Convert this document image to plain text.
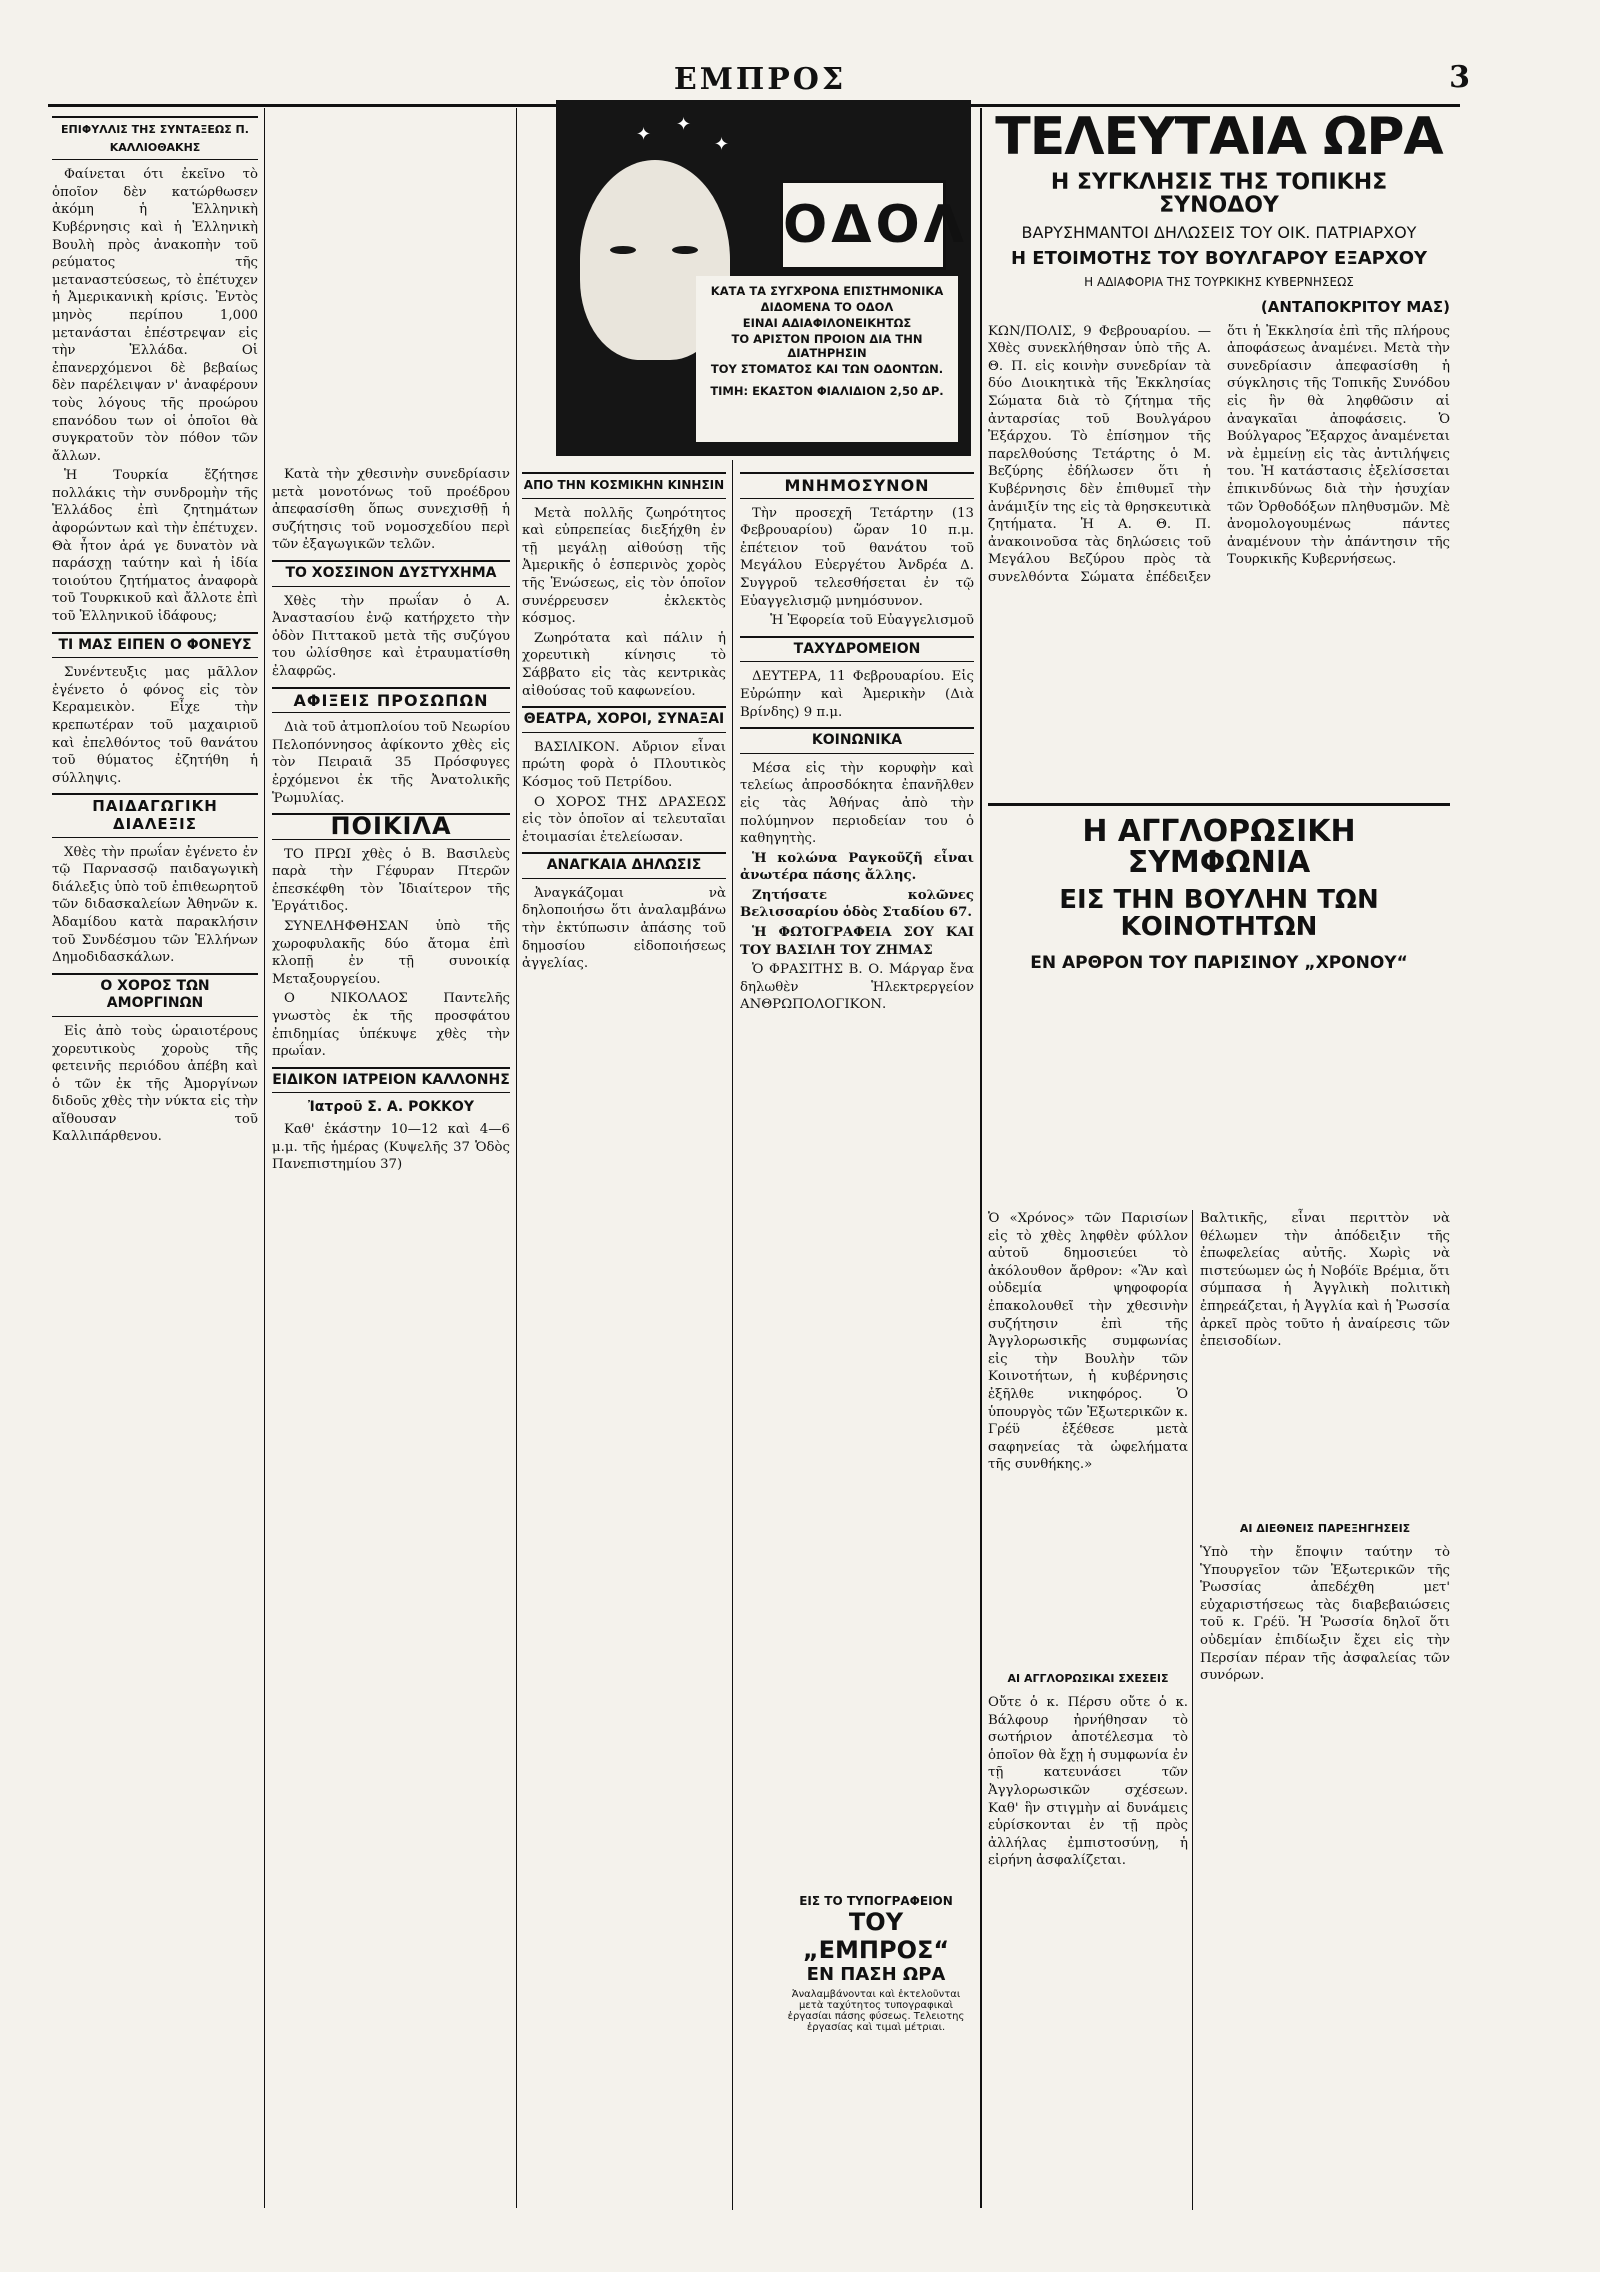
ΕΜΠΡΟΣ	3
ΕΠΙΦΥΛΛΙΣ ΤΗΣ ΣΥΝΤΑΞΕΩΣ Π. ΚΑΛΛΙΟΘΑΚΗΣ

Φαίνεται ότι ἐκεῖνο τὸ ὁποῖον δὲν κατώρθωσεν ἀκόμη ἡ Ἑλληνικὴ Κυβέρνησις καὶ ἡ Ἑλληνικὴ Βουλὴ πρὸς ἀνακοπὴν τοῦ ρεύματος τῆς μεταναστεύσεως, τὸ ἐπέτυχεν ἡ Ἀμερικανικὴ κρίσις. Ἐντὸς μηνὸς περίπου 1,000 μετανάσται ἐπέστρεψαν εἰς τὴν Ἑλλάδα. Οἱ ἐπανερχόμενοι δὲ βεβαίως δὲν παρέλειψαν ν' ἀναφέρουν τοὺς λόγους τῆς προώρου επανόδου των οἱ ὁποῖοι θὰ συγκρατοῦν τὸν πόθον τῶν ἄλλων.

Ἡ Τουρκία ἔζήτησε πολλάκις τὴν συνδρομὴν τῆς Ἑλλάδος ἐπὶ ζητημάτων ἀφορώντων καὶ τὴν ἐπέτυχεν. Θὰ ἦτον ἀρά γε δυνατὸν νὰ παράσχῃ ταύτην καὶ ἡ ἰδία τοιούτου ζητήματος ἀναφορὰ τοῦ Τουρκικοῦ καὶ ἄλλοτε ἐπὶ τοῦ Ἑλληνικοῦ ἰδάφους;

ΤΙ ΜΑΣ ΕΙΠΕΝ Ο ΦΟΝΕΥΣ

Συνέντευξις μας μᾶλλον ἐγένετο ὁ φόνος εἰς τὸν Κεραμεικὸν. Εἶχε τὴν κρεπωτέραν τοῦ μαχαιριοῦ καὶ ἐπελθόντος τοῦ θανάτου τοῦ θύματος ἐζητήθη ἡ σύλληψις.

ΠΑΙΔΑΓΩΓΙΚΗ ΔΙΑΛΕΞΙΣ

Χθὲς τὴν πρωΐαν ἐγένετο ἐν τῷ Παρνασσῷ παιδαγωγικὴ διάλεξις ὑπὸ τοῦ ἐπιθεωρητοῦ τῶν διδασκαλείων Ἀθηνῶν κ. Ἀδαμίδου κατὰ παρακλήσιν τοῦ Συνδέσμου τῶν Ἑλλήνων Δημοδιδασκάλων.

Ο ΧΟΡΟΣ ΤΩΝ ΑΜΟΡΓΙΝΩΝ

Εἰς ἀπὸ τοὺς ὡραιοτέρους χορευτικοὺς χοροὺς τῆς φετεινῆς περιόδου ἀπέβη καὶ ὁ τῶν ἐκ τῆς Ἀμοργίνων διδοῦς χθὲς τὴν νύκτα εἰς τὴν αἴθουσαν τοῦ Καλλιπάρθενου.

✦ ✦
✦
ΟΔΟΛ
ΚΑΤΑ ΤΑ ΣΥΓΧΡΟΝΑ ΕΠΙΣΤΗΜΟΝΙΚΑ
ΔΙΔΟΜΕΝΑ ΤΟ ΟΔΟΛ
ΕΙΝΑΙ ΑΔΙΑΦΙΛΟΝΕΙΚΗΤΩΣ
ΤΟ ΑΡΙΣΤΟΝ ΠΡΟΙΟΝ ΔΙΑ ΤΗΝ ΔΙΑΤΗΡΗΣΙΝ
ΤΟΥ ΣΤΟΜΑΤΟΣ ΚΑΙ ΤΩΝ ΟΔΟΝΤΩΝ.
ΤΙΜΗ: ΕΚΑΣΤΟΝ ΦΙΑΛΙΔΙΟΝ 2,50 ΔΡ.

Κατὰ τὴν χθεσινὴν συνεδρίασιν μετὰ μονοτόνως τοῦ προέδρου ἀπεφασίσθη ὅπως συνεχισθῇ ἡ συζήτησις τοῦ νομοσχεδίου περὶ τῶν ἐξαγωγικῶν τελῶν.

ΤΟ ΧΟΣΣΙΝΟΝ ΔΥΣΤΥΧΗΜΑ

Χθὲς τὴν πρωΐαν ὁ Α. Ἀναστασίου ἐνῷ κατήρχετο τὴν ὁδὸν Πιττακοῦ μετὰ τῆς συζύγου του ὠλίσθησε καὶ ἐτραυματίσθη ἐλαφρῶς.

ΑΦΙΞΕΙΣ ΠΡΟΣΩΠΩΝ

Διὰ τοῦ ἀτμοπλοίου τοῦ Νεωρίου Πελοπόννησος ἀφίκοντο χθὲς εἰς τὸν Πειραιᾶ 35 Πρόσφυγες ἐρχόμενοι ἐκ τῆς Ἀνατολικῆς Ῥωμυλίας.

ΠΟΙΚΙΛΑ

ΤΟ ΠΡΩΙ χθὲς ὁ Β. Βασιλεὺς παρὰ τὴν Γέφυραν Πτερῶν ἐπεσκέφθη τὸν Ἰδιαίτερον τῆς Ἐργάτιδος.

ΣΥΝΕΛΗΦΘΗΣΑΝ ὑπὸ τῆς χωροφυλακῆς δύο ἄτομα ἐπὶ κλοπῇ ἐν τῇ συνοικίᾳ Μεταξουργείου.

Ο ΝΙΚΟΛΑΟΣ Παντελῆς γνωστὸς ἐκ τῆς προσφάτου ἐπιδημίας ὑπέκυψε χθὲς τὴν πρωΐαν.

ΕΙΔΙΚΟΝ ΙΑΤΡΕΙΟΝ ΚΑΛΛΟΝΗΣ
Ἰατροῦ Σ. Α. ΡΟΚΚΟΥ

Καθ' ἑκάστην 10—12 καὶ 4—6 μ.μ. τῆς ἡμέρας (Κυψελῆς 37 Ὁδὸς Πανεπιστημίου 37)

ΑΠΟ ΤΗΝ ΚΟΣΜΙΚΗΝ ΚΙΝΗΣΙΝ

Μετὰ πολλῆς ζωηρότητος καὶ εὐπρεπείας διεξήχθη ἐν τῇ μεγάλῃ αἰθούσῃ τῆς Ἀμερικῆς ὁ ἑσπερινὸς χορὸς τῆς Ἑνώσεως, εἰς τὸν ὁποῖον συνέρρευσεν ἐκλεκτὸς κόσμος.

Ζωηρότατα καὶ πάλιν ἡ χορευτικὴ κίνησις τὸ Σάββατο εἰς τὰς κεντρικὰς αἰθούσας τοῦ καφωνείου.

ΘΕΑΤΡΑ, ΧΟΡΟΙ, ΣΥΝΑΞΑΙ

ΒΑΣΙΛΙΚΟΝ. Αὔριον εἶναι πρώτη φορὰ ὁ Πλουτικὸς Κόσμος τοῦ Πετρίδου.

Ο ΧΟΡΟΣ ΤΗΣ ΔΡΑΣΕΩΣ εἰς τὸν ὁποῖον αἱ τελευταῖαι ἑτοιμασίαι ἐτελείωσαν.

ΑΝΑΓΚΑΙΑ ΔΗΛΩΣΙΣ

Ἀναγκάζομαι νὰ δηλοποιήσω ὅτι ἀναλαμβάνω τὴν ἐκτύπωσιν ἀπάσης τοῦ δημοσίου εἰδοποιήσεως ἀγγελίας.

ΜΝΗΜΟΣΥΝΟΝ

Τὴν προσεχῆ Τετάρτην (13 Φεβρουαρίου) ὥραν 10 π.μ. ἐπέτειον τοῦ θανάτου τοῦ Μεγάλου Εὐεργέτου Ἀνδρέα Δ. Συγγροῦ τελεσθήσεται ἐν τῷ Εὐαγγελισμῷ μνημόσυνον.

Ἡ Ἐφορεία τοῦ Εὐαγγελισμοῦ

ΤΑΧΥΔΡΟΜΕΙΟΝ

ΔΕΥΤΕΡΑ, 11 Φεβρουαρίου. Εἰς Εὐρώπην καὶ Ἀμερικὴν (Διὰ Βρίνδης) 9 π.μ.

ΚΟΙΝΩΝΙΚΑ

Μέσα εἰς τὴν κορυφὴν καὶ τελείως ἀπροσδόκητα ἐπανῆλθεν εἰς τὰς Ἀθήνας ἀπὸ τὴν πολύμηνον περιοδείαν του ὁ καθηγητὴς.

Ἡ κολώνα Ραγκοῦζῆ εἶναι ἀνωτέρα πάσης ἄλλης.

Ζητήσατε κολῶνες Βελισσαρίου ὁδὸς Σταδίου 67.

Ἡ ΦΩΤΟΓΡΑΦΕΙΑ ΣΟΥ ΚΑΙ ΤΟΥ ΒΑΣΙΛΗ ΤΟΥ ΖΗΜΑΣ

Ὁ ΦΡΑΣΙΤΗΣ Β. Ο. Μάργαρ ἔνα δηλωθὲν Ἡλεκτρεργείον ΑΝΘΡΩΠΟΛΟΓΙΚΟΝ.

ΕΙΣ ΤΟ ΤΥΠΟΓΡΑΦΕΙΟΝ
ΤΟΥ „ΕΜΠΡΟΣ“
ΕΝ ΠΑΣΗ ΩΡΑ
Ἀναλαμβάνονται καὶ ἐκτελοῦνται μετὰ ταχύτητος τυπογραφικαὶ ἐργασίαι πάσης φύσεως. Τελειοτης ἐργασίας καὶ τιμαὶ μέτριαι.
ΤΕΛΕΥΤΑΙΑ ΩΡΑ
Η ΣΥΓΚΛΗΣΙΣ ΤΗΣ ΤΟΠΙΚΗΣ ΣΥΝΟΔΟΥ
ΒΑΡΥΣΗΜΑΝΤΟΙ ΔΗΛΩΣΕΙΣ ΤΟΥ ΟΙΚ. ΠΑΤΡΙΑΡΧΟΥ
Η ΕΤΟΙΜΟΤΗΣ ΤΟΥ ΒΟΥΛΓΑΡΟΥ ΕΞΑΡΧΟΥ
Η ΑΔΙΑΦΟΡΙΑ ΤΗΣ ΤΟΥΡΚΙΚΗΣ ΚΥΒΕΡΝΗΣΕΩΣ
(ΑΝΤΑΠΟΚΡΙΤΟΥ ΜΑΣ)
ΚΩΝ/ΠΟΛΙΣ, 9 Φεβρουαρίου. — Χθὲς συνεκλήθησαν ὑπὸ τῆς Α. Θ. Π. εἰς κοινὴν συνεδρίαν τὰ δύο Διοικητικὰ τῆς Ἐκκλησίας Σώματα διὰ τὸ ζήτημα τῆς ἀνταρσίας τοῦ Βουλγάρου Ἐξάρχου. Τὸ ἐπίσημον τῆς παρελθούσης Τετάρτης ὁ Μ. Βεζύρης ἐδήλωσεν ὅτι ἡ Κυβέρνησις δὲν ἐπιθυμεῖ τὴν ἀνάμιξίν της εἰς τὰ θρησκευτικὰ ζητήματα. Ἡ Α. Θ. Π. ἀνακοινοῦσα τὰς δηλώσεις τοῦ Μεγάλου Βεζύρου πρὸς τὰ συνελθόντα Σώματα ἐπέδειξεν ὅτι ἡ Ἐκκλησία ἐπὶ τῆς πλήρους ἀποφάσεως ἀναμένει. Μετὰ τὴν συνεδρίασιν ἀπεφασίσθη ἡ σύγκλησις τῆς Τοπικῆς Συνόδου εἰς ἣν θὰ ληφθῶσιν αἱ ἀναγκαῖαι ἀποφάσεις. Ὁ Βούλγαρος Ἔξαρχος ἀναμένεται νὰ ἐμμείνῃ εἰς τὰς ἀντιλήψεις του. Ἡ κατάστασις ἐξελίσσεται ἐπικινδύνως διὰ τὴν ἡσυχίαν τῶν Ὀρθοδόξων πληθυσμῶν. Μὲ ἀνομολογουμένως πάντες ἀναμένουν τὴν ἀπάντησιν τῆς Τουρκικῆς Κυβερνήσεως.
Η ΑΓΓΛΟΡΩΣΙΚΗ ΣΥΜΦΩΝΙΑ
ΕΙΣ ΤΗΝ ΒΟΥΛΗΝ ΤΩΝ ΚΟΙΝΟΤΗΤΩΝ
ΕΝ ΑΡΘΡΟΝ ΤΟΥ ΠΑΡΙΣΙΝΟΥ „ΧΡΟΝΟΥ“
Ὁ «Χρόνος» τῶν Παρισίων εἰς τὸ χθὲς ληφθὲν φύλλον αὐτοῦ δημοσιεύει τὸ ἀκόλουθον ἄρθρον: «Ἂν καὶ οὐδεμία ψηφοφορία ἐπακολουθεῖ τὴν χθεσινὴν συζήτησιν ἐπὶ τῆς Ἀγγλορωσικῆς συμφωνίας εἰς τὴν Βουλὴν τῶν Κοινοτήτων, ἡ κυβέρνησις ἐξῆλθε νικηφόρος. Ὁ ὑπουργὸς τῶν Ἐξωτερικῶν κ. Γρέϋ ἐξέθεσε μετὰ σαφηνείας τὰ ὠφελήματα τῆς συνθήκης.»
ΑΙ ΑΓΓΛΟΡΩΣΙΚΑΙ ΣΧΕΣΕΙΣ
Οὔτε ὁ κ. Πέρσυ οὔτε ὁ κ. Βάλφουρ ἠρνήθησαν τὸ σωτήριον ἀποτέλεσμα τὸ ὁποῖον θὰ ἔχῃ ἡ συμφωνία ἐν τῇ κατευνάσει τῶν Ἀγγλορωσικῶν σχέσεων. Καθ' ἣν στιγμὴν αἱ δυνάμεις εὑρίσκονται ἐν τῇ πρὸς ἀλλήλας ἐμπιστοσύνῃ, ἡ εἰρήνη ἀσφαλίζεται.
Βαλτικῆς, εἶναι περιττὸν νὰ θέλωμεν τὴν ἀπόδειξιν τῆς ἐπωφελείας αὐτῆς. Χωρὶς νὰ πιστεύωμεν ὡς ἡ Νοβόϊε Βρέμια, ὅτι σύμπασα ἡ Ἀγγλικὴ πολιτικὴ ἐπηρεάζεται, ἡ Ἀγγλία καὶ ἡ Ῥωσσία ἀρκεῖ πρὸς τοῦτο ἡ ἀναίρεσις τῶν ἐπεισοδίων.
ΑΙ ΔΙΕΘΝΕΙΣ ΠΑΡΕΞΗΓΗΣΕΙΣ
Ὑπὸ τὴν ἔποψιν ταύτην τὸ Ὑπουργεῖον τῶν Ἐξωτερικῶν τῆς Ῥωσσίας ἀπεδέχθη μετ' εὐχαριστήσεως τὰς διαβεβαιώσεις τοῦ κ. Γρέϋ. Ἡ Ῥωσσία δηλοῖ ὅτι οὐδεμίαν ἐπιδίωξιν ἔχει εἰς τὴν Περσίαν πέραν τῆς ἀσφαλείας τῶν συνόρων.
